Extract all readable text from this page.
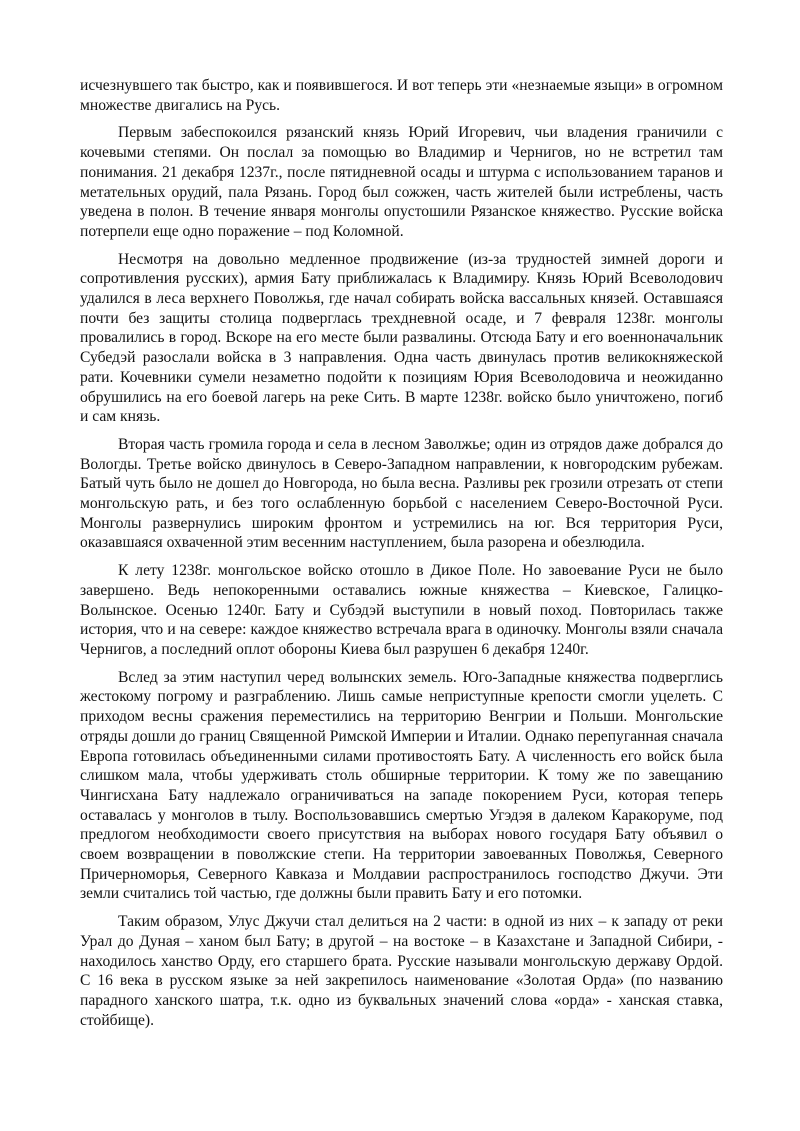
исчезнувшего так быстро, как и появившегося. И вот теперь эти «незнаемые языци» в огромном множестве двигались на Русь.

Первым забеспокоился рязанский князь Юрий Игоревич, чьи владения граничили с кочевыми степями. Он послал за помощью во Владимир и Чернигов, но не встретил там понимания. 21 декабря 1237г., после пятидневной осады и штурма с использованием таранов и метательных орудий, пала Рязань. Город был сожжен, часть жителей были истреблены, часть уведена в полон. В течение января монголы опустошили Рязанское княжество. Русские войска потерпели еще одно поражение – под Коломной.

Несмотря на довольно медленное продвижение (из-за трудностей зимней дороги и сопротивления русских), армия Бату приближалась к Владимиру. Князь Юрий Всеволодович удалился в леса верхнего Поволжья, где начал собирать войска вассальных князей. Оставшаяся почти без защиты столица подверглась трехдневной осаде, и 7 февраля 1238г. монголы провалились в город. Вскоре на его месте были развалины. Отсюда Бату и его военноначальник Субедэй разослали войска в 3 направления. Одна часть двинулась против великокняжеской рати. Кочевники сумели незаметно подойти к позициям Юрия Всеволодовича и неожиданно обрушились на его боевой лагерь на реке Сить. В марте 1238г. войско было уничтожено, погиб и сам князь.

Вторая часть громила города и села в лесном Заволжье; один из отрядов даже добрался до Вологды. Третье войско двинулось в Северо-Западном направлении, к новгородским рубежам. Батый чуть было не дошел до Новгорода, но была весна. Разливы рек грозили отрезать от степи монгольскую рать, и без того ослабленную борьбой с населением Северо-Восточной Руси. Монголы развернулись широким фронтом и устремились на юг. Вся территория Руси, оказавшаяся охваченной этим весенним наступлением, была разорена и обезлюдила.

К лету 1238г. монгольское войско отошло в Дикое Поле. Но завоевание Руси не было завершено. Ведь непокоренными оставались южные княжества – Киевское, Галицко-Волынское. Осенью 1240г. Бату и Субэдэй выступили в новый поход. Повторилась также история, что и на севере: каждое княжество встречала врага в одиночку. Монголы взяли сначала Чернигов, а последний оплот обороны Киева был разрушен 6 декабря 1240г.

Вслед за этим наступил черед волынских земель. Юго-Западные княжества подверглись жестокому погрому и разграблению. Лишь самые неприступные крепости смогли уцелеть. С приходом весны сражения переместились на территорию Венгрии и Польши. Монгольские отряды дошли до границ Священной Римской Империи и Италии. Однако перепуганная сначала Европа готовилась объединенными силами противостоять Бату. А численность его войск была слишком мала, чтобы удерживать столь обширные территории. К тому же по завещанию Чингисхана Бату надлежало ограничиваться на западе покорением Руси, которая теперь оставалась у монголов в тылу. Воспользовавшись смертью Угэдэя в далеком Каракоруме, под предлогом необходимости своего присутствия на выборах нового государя Бату объявил о своем возвращении в поволжские степи. На территории завоеванных Поволжья, Северного Причерноморья, Северного Кавказа и Молдавии распространилось господство Джучи. Эти земли считались той частью, где должны были править Бату и его потомки.

Таким образом, Улус Джучи стал делиться на 2 части: в одной из них – к западу от реки Урал до Дуная – ханом был Бату; в другой – на востоке – в Казахстане и Западной Сибири, - находилось ханство Орду, его старшего брата. Русские называли монгольскую державу Ордой. С 16 века в русском языке за ней закрепилось наименование «Золотая Орда» (по названию парадного ханского шатра, т.к. одно из буквальных значений слова «орда» - ханская ставка, стойбище).
